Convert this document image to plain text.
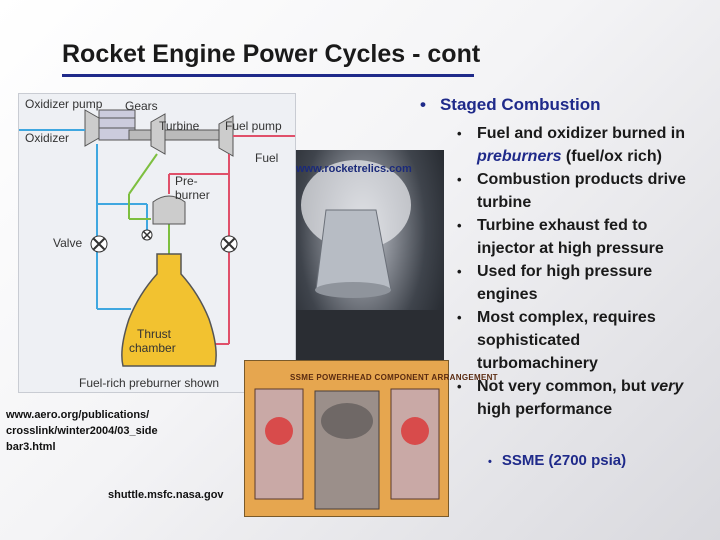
Rocket Engine Power Cycles - cont
Oxidizer pump Gears
Oxidizer
Turbine Fuel pump
Fuel
Pre-
burner
Valve
Thrust
chamber
Fuel-rich preburner shown
www.rocketrelics.com
SSME POWERHEAD COMPONENT ARRANGEMENT
www.aero.org/publications/
crosslink/winter2004/03_side
bar3.html
shuttle.msfc.nasa.gov
• Staged Combustion
• Fuel and oxidizer burned in preburners (fuel/ox rich)
• Combustion products drive turbine
• Turbine exhaust fed to injector at high pressure
• Used for high pressure engines
• Most complex, requires sophisticated turbomachinery
• Not very common, but very high performance
• SSME (2700 psia)
